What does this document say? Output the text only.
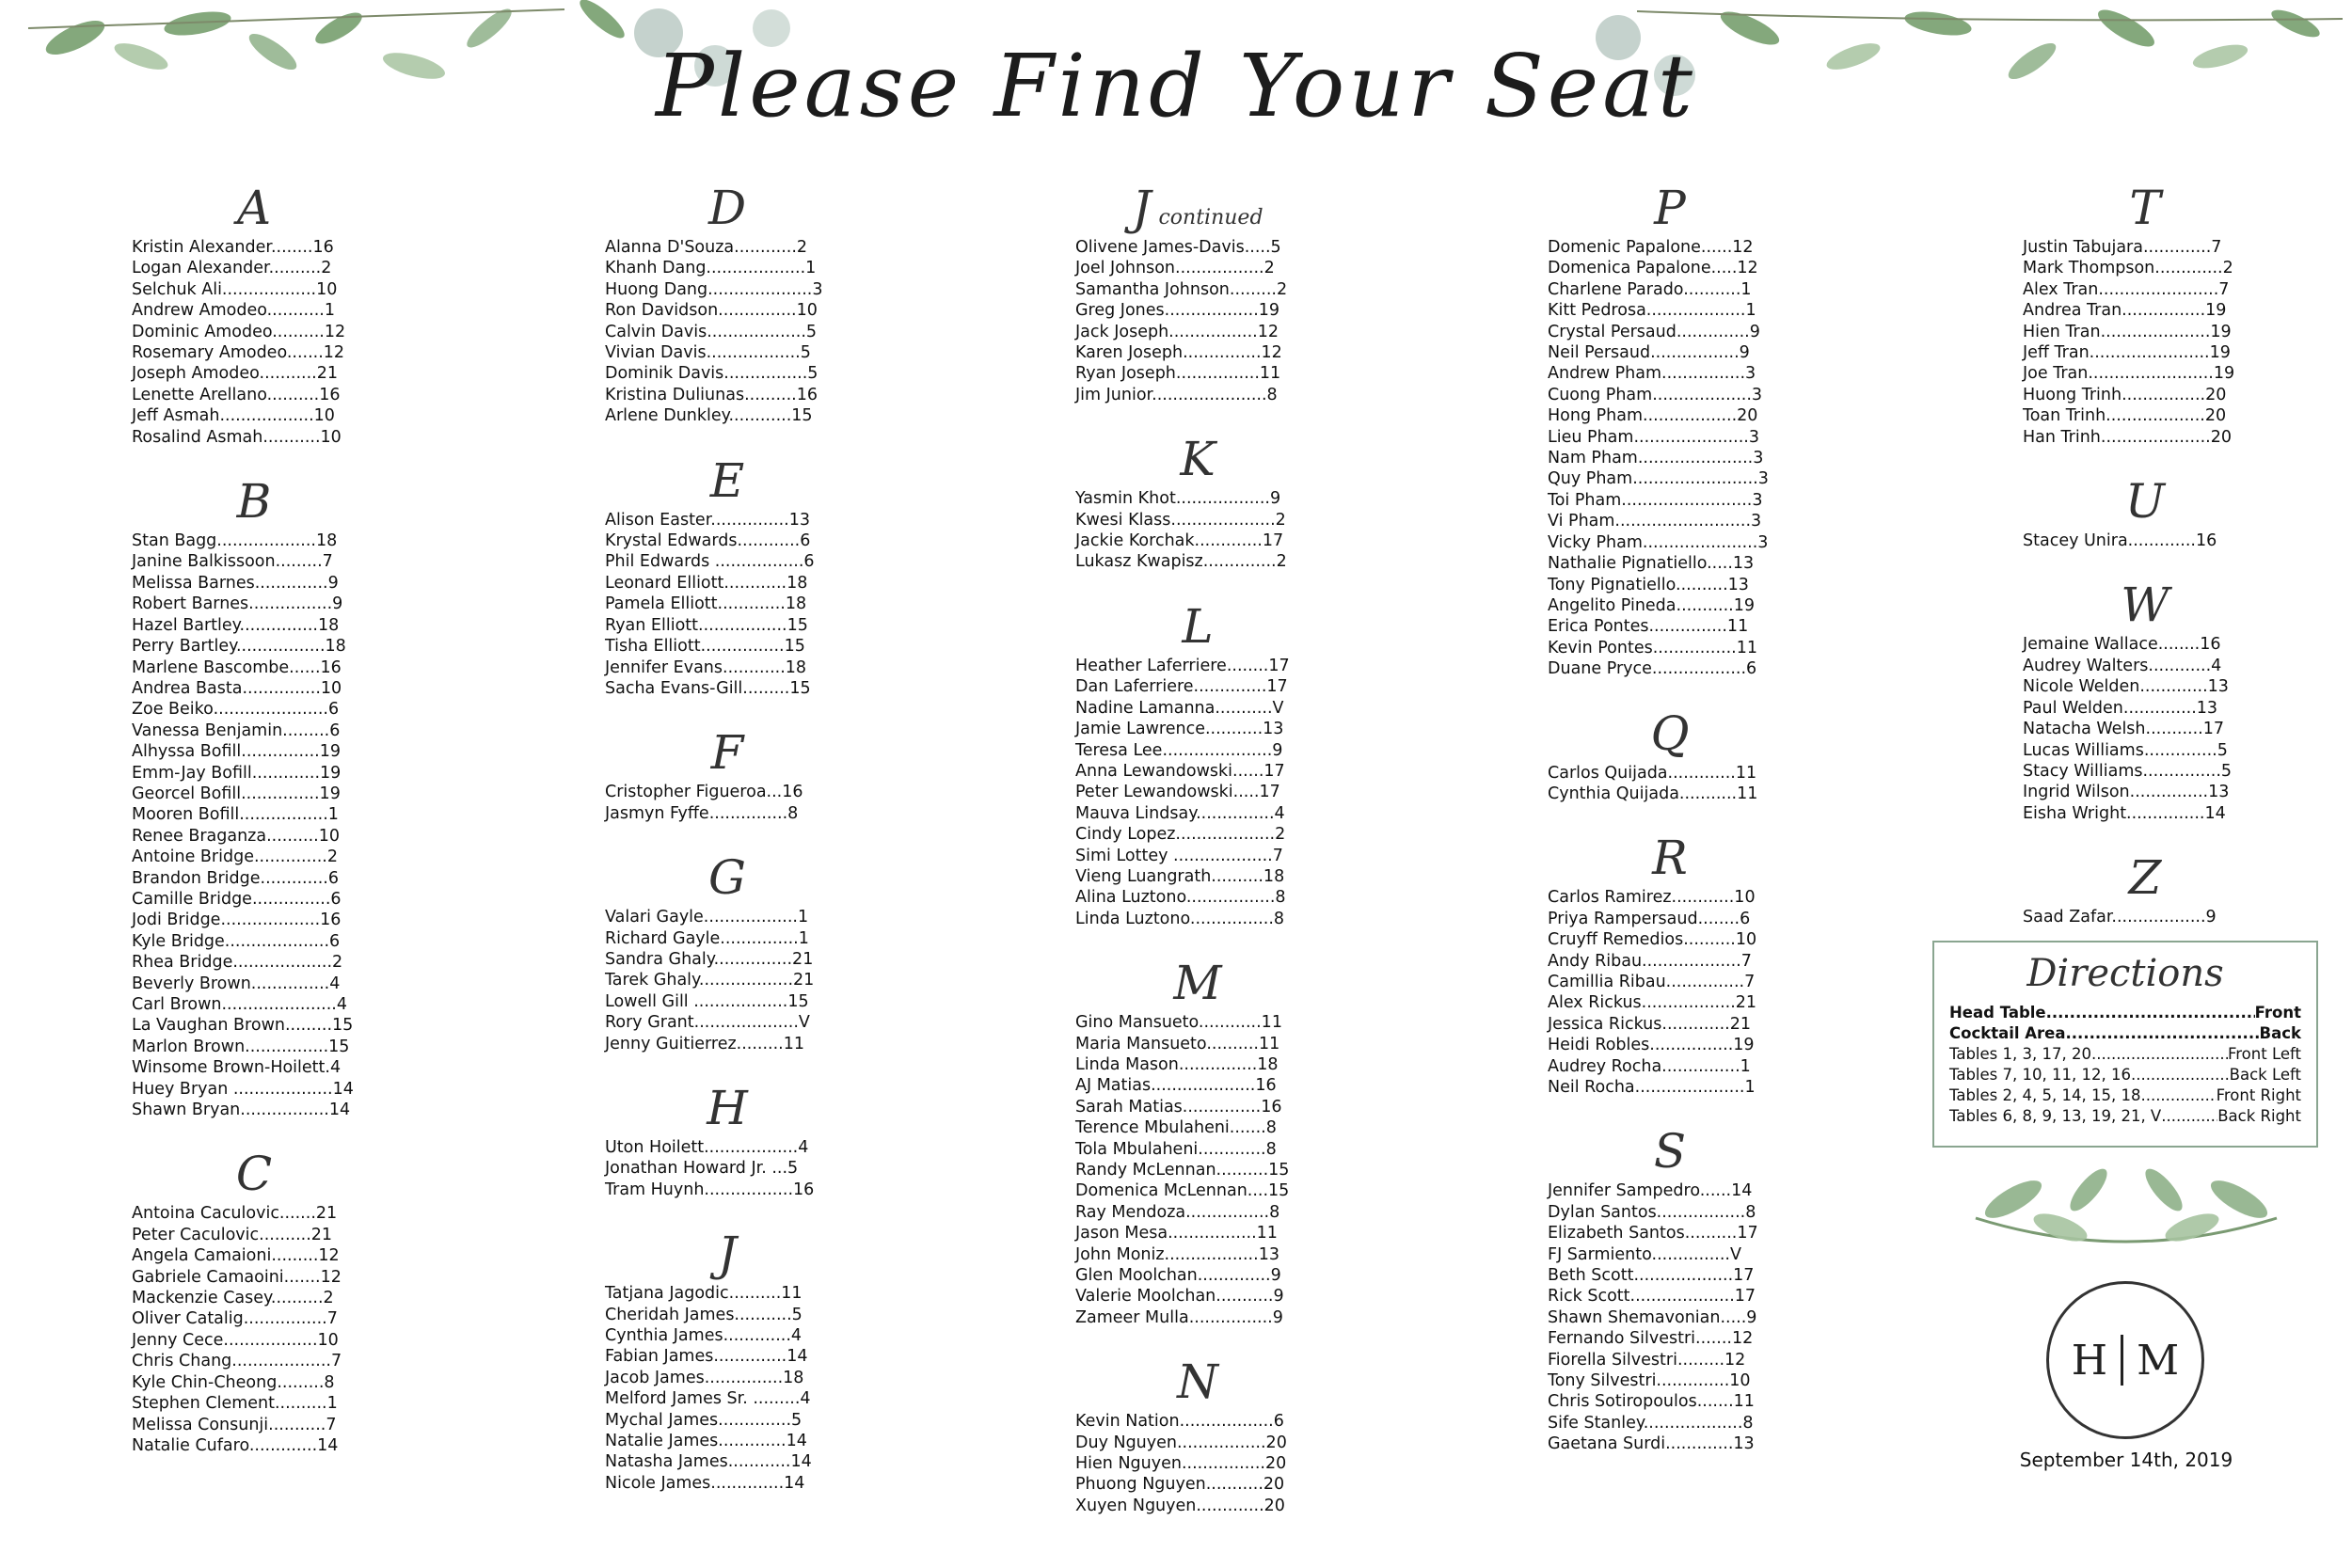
Please Find Your Seat
A
Kristin Alexander........16
Logan Alexander..........2
Selchuk Ali..................10
Andrew Amodeo...........1
Dominic Amodeo..........12
Rosemary Amodeo.......12
Joseph Amodeo...........21
Lenette Arellano..........16
Jeff Asmah..................10
Rosalind Asmah...........10
B
Stan Bagg...................18
Janine Balkissoon.........7
Melissa Barnes..............9
Robert Barnes................9
Hazel Bartley...............18
Perry Bartley.................18
Marlene Bascombe......16
Andrea Basta...............10
Zoe Beiko......................6
Vanessa Benjamin.........6
Alhyssa Bofill...............19
Emm-Jay Bofill.............19
Georcel Bofill...............19
Mooren Bofill.................1
Renee Braganza..........10
Antoine Bridge..............2
Brandon Bridge.............6
Camille Bridge...............6
Jodi Bridge...................16
Kyle Bridge....................6
Rhea Bridge...................2
Beverly Brown...............4
Carl Brown......................4
La Vaughan Brown.........15
Marlon Brown................15
Winsome Brown-Hoilett.4
Huey Bryan ...................14
Shawn Bryan.................14
C
Antoina Caculovic.......21
Peter Caculovic..........21
Angela Camaioni.........12
Gabriele Camaoini.......12
Mackenzie Casey..........2
Oliver Catalig................7
Jenny Cece..................10
Chris Chang...................7
Kyle Chin-Cheong.........8
Stephen Clement..........1
Melissa Consunji...........7
Natalie Cufaro.............14
D
Alanna D'Souza............2
Khanh Dang...................1
Huong Dang....................3
Ron Davidson...............10
Calvin Davis...................5
Vivian Davis..................5
Dominik Davis................5
Kristina Duliunas..........16
Arlene Dunkley............15
E
Alison Easter...............13
Krystal Edwards............6
Phil Edwards .................6
Leonard Elliott............18
Pamela Elliott.............18
Ryan Elliott.................15
Tisha Elliott................15
Jennifer Evans............18
Sacha Evans-Gill.........15
F
Cristopher Figueroa...16
Jasmyn Fyffe...............8
G
Valari Gayle..................1
Richard Gayle...............1
Sandra Ghaly...............21
Tarek Ghaly..................21
Lowell Gill ..................15
Rory Grant....................V
Jenny Guitierrez.........11
H
Uton Hoilett..................4
Jonathan Howard Jr. ...5
Tram Huynh.................16
J
Tatjana Jagodic..........11
Cheridah James...........5
Cynthia James.............4
Fabian James..............14
Jacob James...............18
Melford James Sr. .........4
Mychal James..............5
Natalie James.............14
Natasha James............14
Nicole James..............14
Jcontinued
Olivene James-Davis.....5
Joel Johnson.................2
Samantha Johnson.........2
Greg Jones..................19
Jack Joseph.................12
Karen Joseph...............12
Ryan Joseph................11
Jim Junior......................8
K
Yasmin Khot..................9
Kwesi Klass....................2
Jackie Korchak.............17
Lukasz Kwapisz..............2
L
Heather Laferriere........17
Dan Laferriere..............17
Nadine Lamanna...........V
Jamie Lawrence...........13
Teresa Lee.....................9
Anna Lewandowski......17
Peter Lewandowski.....17
Mauva Lindsay...............4
Cindy Lopez...................2
Simi Lottey ...................7
Vieng Luangrath..........18
Alina Luztono.................8
Linda Luztono................8
M
Gino Mansueto............11
Maria Mansueto..........11
Linda Mason...............18
AJ Matias....................16
Sarah Matias...............16
Terence Mbulaheni.......8
Tola Mbulaheni.............8
Randy McLennan..........15
Domenica McLennan....15
Ray Mendoza................8
Jason Mesa.................11
John Moniz..................13
Glen Moolchan..............9
Valerie Moolchan...........9
Zameer Mulla................9
N
Kevin Nation..................6
Duy Nguyen.................20
Hien Nguyen................20
Phuong Nguyen...........20
Xuyen Nguyen.............20
P
Domenic Papalone......12
Domenica Papalone.....12
Charlene Parado...........1
Kitt Pedrosa...................1
Crystal Persaud..............9
Neil Persaud.................9
Andrew Pham................3
Cuong Pham...................3
Hong Pham..................20
Lieu Pham......................3
Nam Pham......................3
Quy Pham........................3
Toi Pham.........................3
Vi Pham..........................3
Vicky Pham......................3
Nathalie Pignatiello.....13
Tony Pignatiello..........13
Angelito Pineda...........19
Erica Pontes...............11
Kevin Pontes................11
Duane Pryce..................6
Q
Carlos Quijada.............11
Cynthia Quijada...........11
R
Carlos Ramirez............10
Priya Rampersaud........6
Cruyff Remedios..........10
Andy Ribau...................7
Camillia Ribau...............7
Alex Rickus..................21
Jessica Rickus.............21
Heidi Robles................19
Audrey Rocha...............1
Neil Rocha.....................1
S
Jennifer Sampedro......14
Dylan Santos.................8
Elizabeth Santos..........17
FJ Sarmiento...............V
Beth Scott...................17
Rick Scott....................17
Shawn Shemavonian.....9
Fernando Silvestri.......12
Fiorella Silvestri.........12
Tony Silvestri..............10
Chris Sotiropoulos.......11
Sife Stanley...................8
Gaetana Surdi.............13
T
Justin Tabujara.............7
Mark Thompson.............2
Alex Tran.......................7
Andrea Tran................19
Hien Tran.....................19
Jeff Tran.......................19
Joe Tran........................19
Huong Trinh................20
Toan Trinh...................20
Han Trinh.....................20
U
Stacey Unira.............16
W
Jemaine Wallace........16
Audrey Walters............4
Nicole Welden.............13
Paul Welden..............13
Natacha Welsh...........17
Lucas Williams..............5
Stacy Williams...............5
Ingrid Wilson...............13
Eisha Wright...............14
Z
Saad Zafar..................9
Directions
Head Table .....	Front
Cocktail Area .....	Back
Tables 1, 3, 17, 20 .....	Front Left
Tables 7, 10, 11, 12, 16 .....	Back Left
Tables 2, 4, 5, 14, 15, 18 .....	Front Right
Tables 6, 8, 9, 13, 19, 21, V .....	Back Right
H M
September 14th, 2019
